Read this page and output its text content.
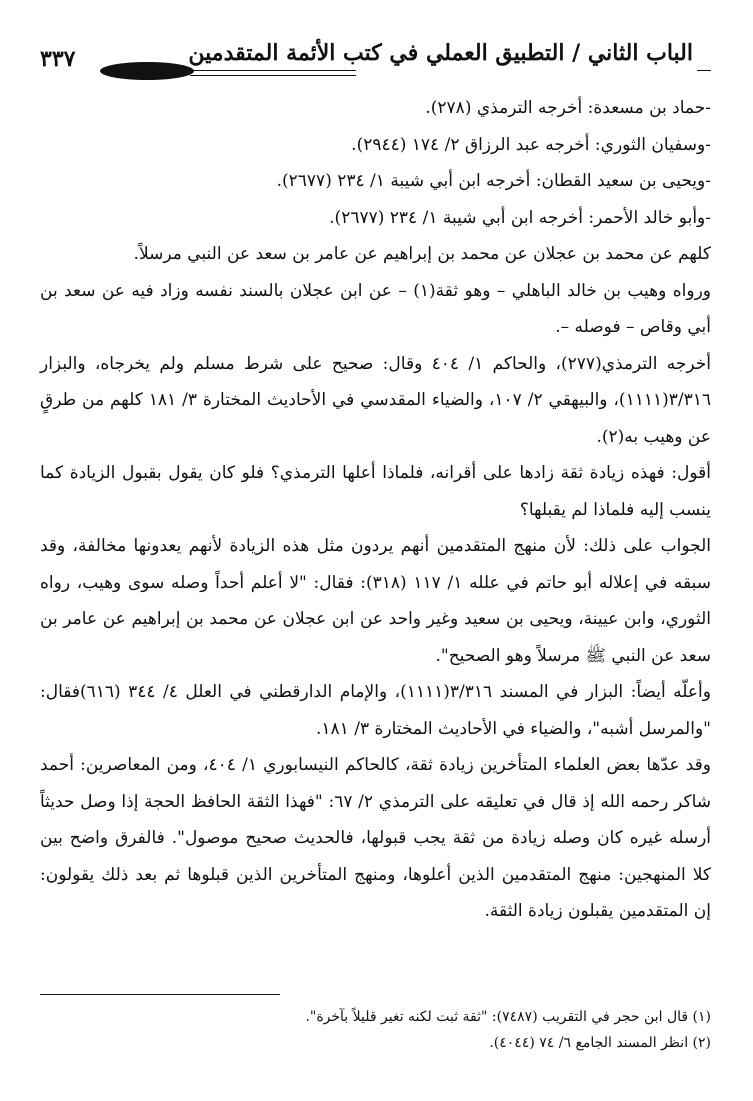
الباب الثاني / التطبيق العملي في كتب الأئمة المتقدمين
٣٣٧

-حماد بن مسعدة: أخرجه الترمذي (٢٧٨).

-وسفيان الثوري: أخرجه عبد الرزاق ٢/ ١٧٤ (٢٩٤٤).

-ويحيى بن سعيد القطان: أخرجه ابن أبي شيبة ١/ ٢٣٤ (٢٦٧٧).

-وأبو خالد الأحمر: أخرجه ابن أبي شيبة ١/ ٢٣٤ (٢٦٧٧).

كلهم عن محمد بن عجلان عن محمد بن إبراهيم عن عامر بن سعد عن النبي مرسلاً.

ورواه وهيب بن خالد الباهلي – وهو ثقة(١) – عن ابن عجلان بالسند نفسه وزاد فيه عن سعد بن أبي وقاص – فوصله –.

أخرجه الترمذي(٢٧٧)، والحاكم ١/ ٤٠٤ وقال: صحيح على شرط مسلم ولم يخرجاه، والبزار ٣/٣١٦(١١١١)، والبيهقي ٢/ ١٠٧، والضياء المقدسي في الأحاديث المختارة ٣/ ١٨١ كلهم من طرقٍ عن وهيب به(٢).

أقول: فهذه زيادة ثقة زادها على أقرانه، فلماذا أعلها الترمذي؟ فلو كان يقول بقبول الزيادة كما ينسب إليه فلماذا لم يقبلها؟

الجواب على ذلك: لأن منهج المتقدمين أنهم يردون مثل هذه الزيادة لأنهم يعدونها مخالفة، وقد سبقه في إعلاله أبو حاتم في علله ١/ ١١٧ (٣١٨): فقال: "لا أعلم أحداً وصله سوى وهيب، رواه الثوري، وابن عيينة، ويحيى بن سعيد وغير واحد عن ابن عجلان عن محمد بن إبراهيم عن عامر بن سعد عن النبي ﷺ مرسلاً وهو الصحيح".

وأعلّه أيضاً: البزار في المسند ٣/٣١٦(١١١١)، والإمام الدارقطني في العلل ٤/ ٣٤٤ (٦١٦)فقال: "والمرسل أشبه"، والضياء في الأحاديث المختارة ٣/ ١٨١.

وقد عدّها بعض العلماء المتأخرين زيادة ثقة، كالحاكم النيسابوري ١/ ٤٠٤، ومن المعاصرين: أحمد شاكر رحمه الله إذ قال في تعليقه على الترمذي ٢/ ٦٧: "فهذا الثقة الحافظ الحجة إذا وصل حديثاً أرسله غيره كان وصله زيادة من ثقة يجب قبولها، فالحديث صحيح موصول". فالفرق واضح بين كلا المنهجين: منهج المتقدمين الذين أعلوها، ومنهج المتأخرين الذين قبلوها ثم بعد ذلك يقولون: إن المتقدمين يقبلون زيادة الثقة.

(١) قال ابن حجر في التقريب (٧٤٨٧): "ثقة ثبت لكنه تغير قليلاً بآخرة".

(٢) انظر المسند الجامع ٦/ ٧٤ (٤٠٤٤).
